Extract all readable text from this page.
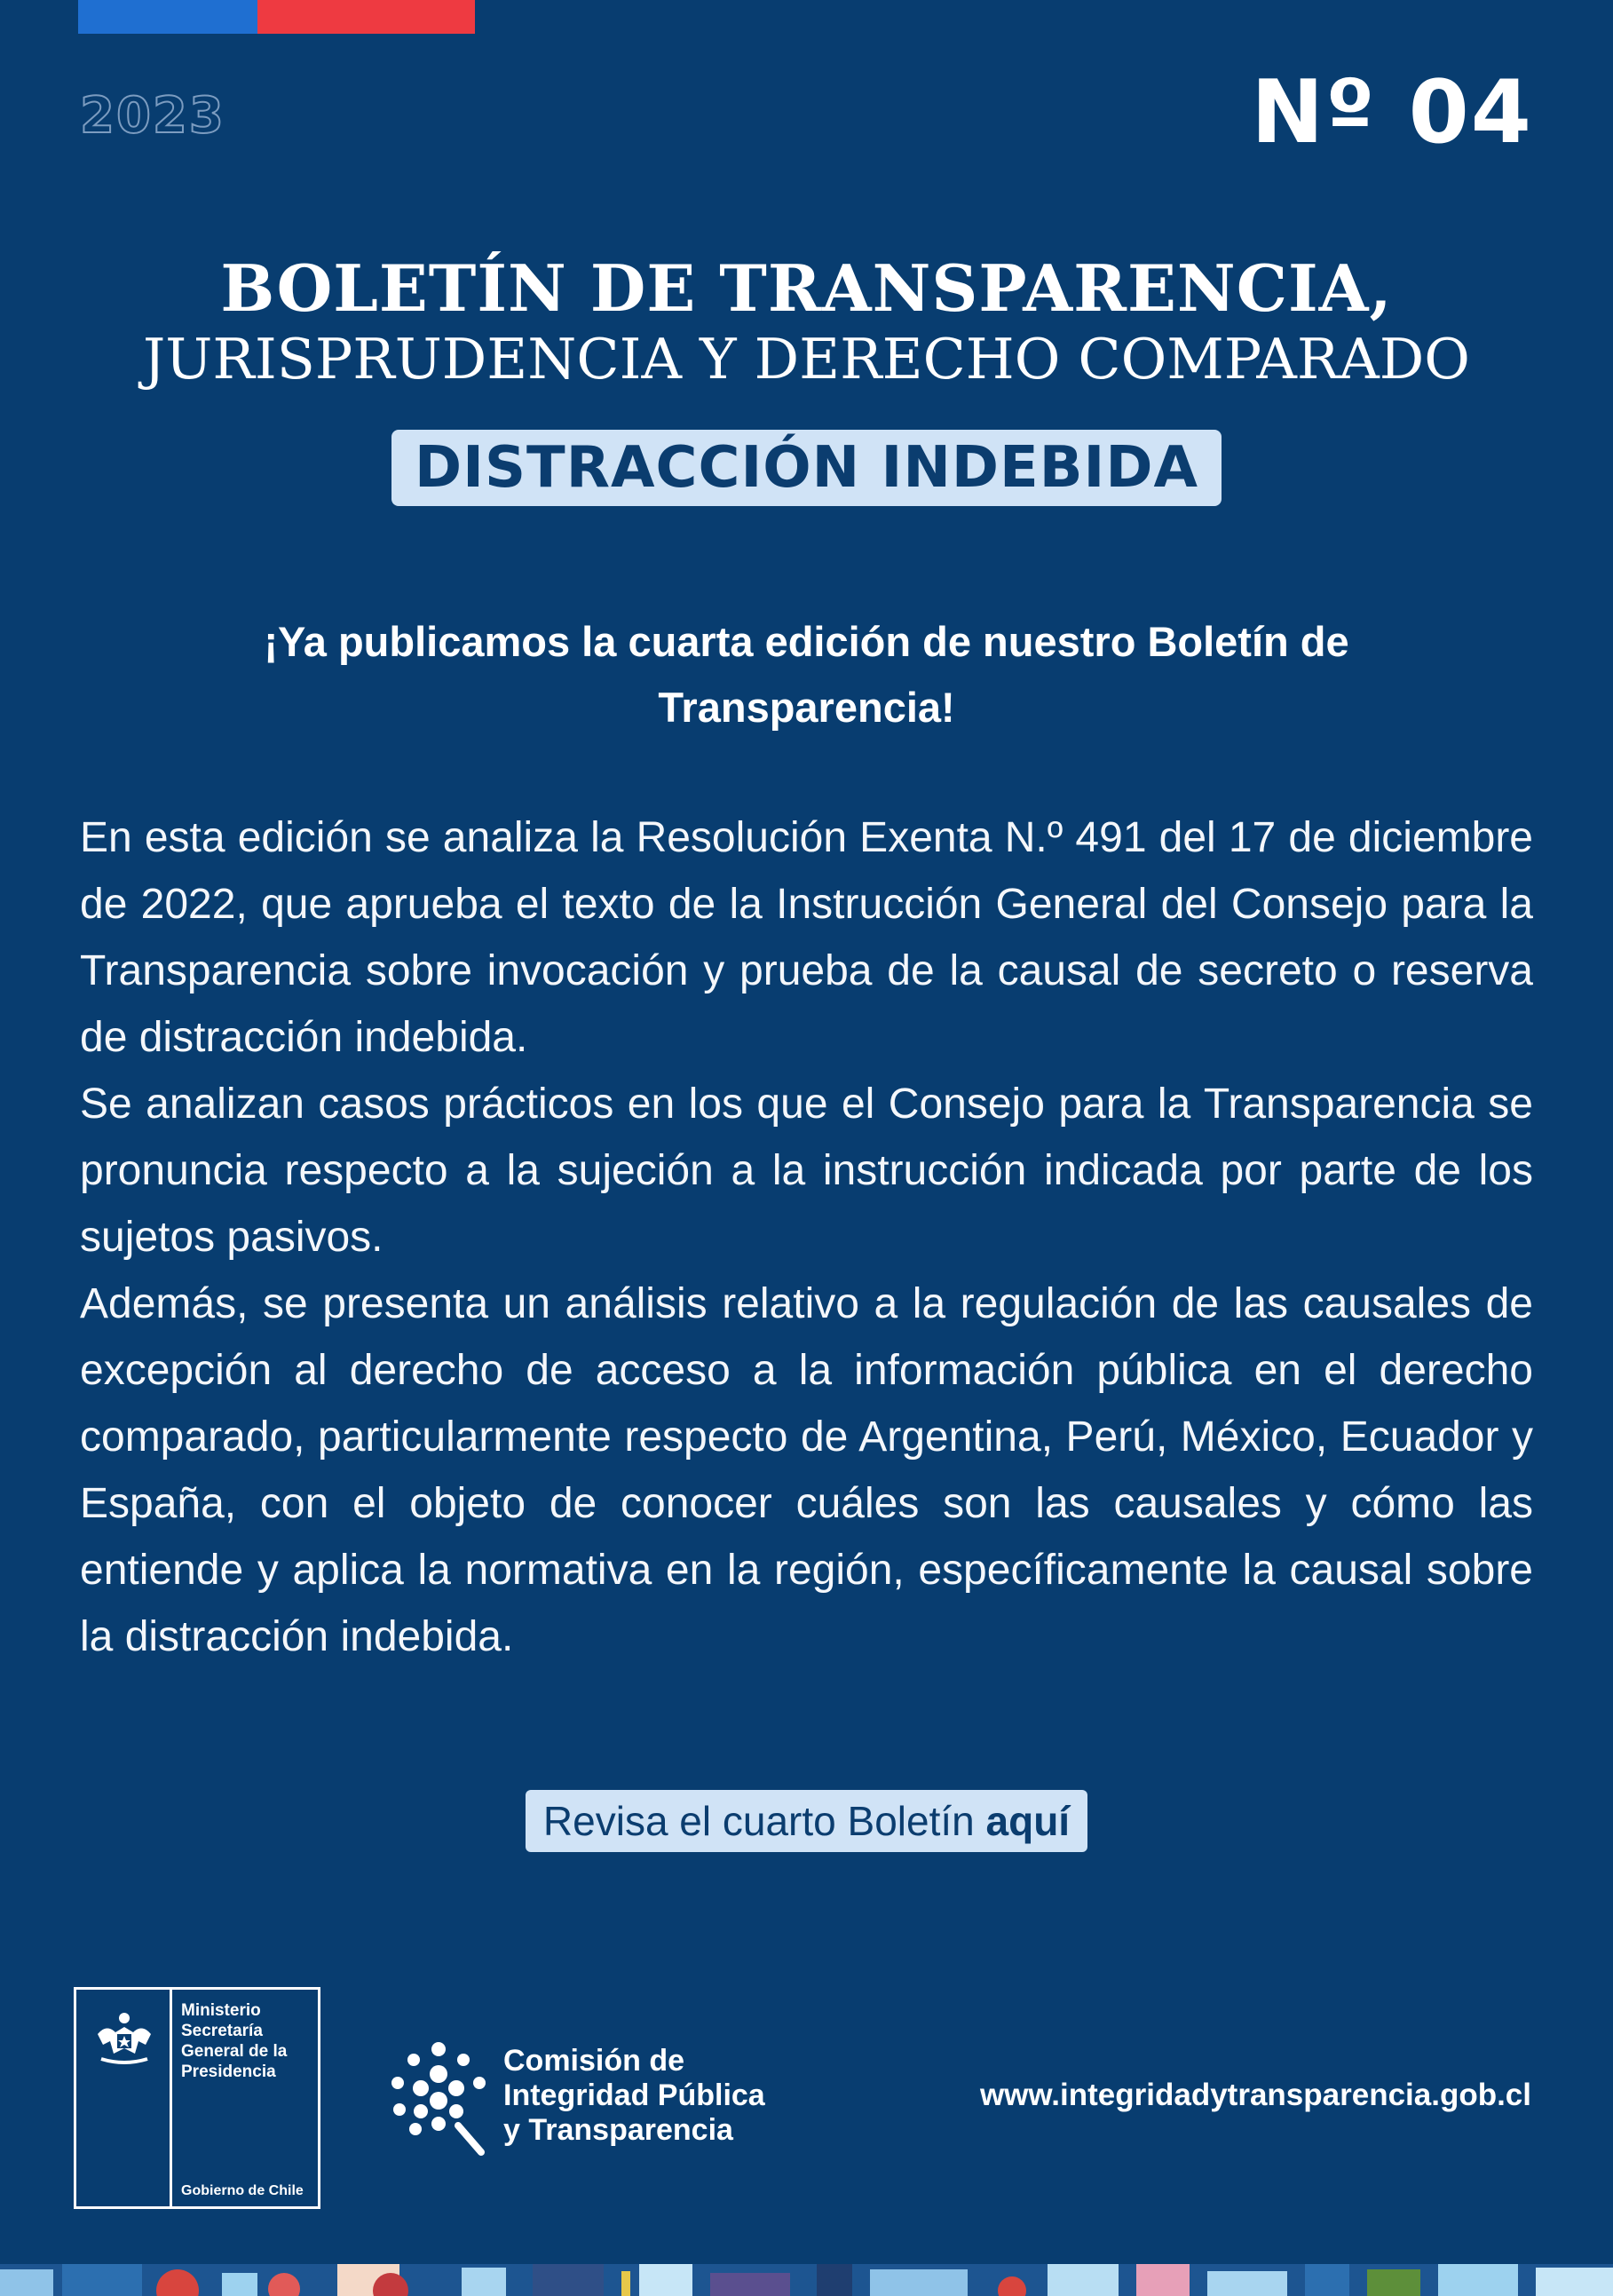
2023	Nº 04
BOLETÍN DE TRANSPARENCIA,
JURISPRUDENCIA Y DERECHO COMPARADO
DISTRACCIÓN INDEBIDA
¡Ya publicamos la cuarta edición de nuestro Boletín de Transparencia!

En esta edición se analiza la Resolución Exenta N.º 491 del 17 de diciembre de 2022, que aprueba el texto de la Instrucción General del Consejo para la Transparencia sobre invocación y prueba de la causal de secreto o reserva de distracción indebida.

Se analizan casos prácticos en los que el Consejo para la Transparencia se pronuncia respecto a la sujeción a la instrucción indicada por parte de los sujetos pasivos.

Además, se presenta un análisis relativo a la regulación de las causales de excepción al derecho de acceso a la información pública en el derecho comparado, particularmente respecto de Argentina, Perú, México, Ecuador y España, con el objeto de conocer cuáles son las causales y cómo las entiende y aplica la normativa en la región, específicamente la causal sobre la distracción indebida.

Revisa el cuarto Boletín aquí
Ministerio
Secretaría
General de la
Presidencia
Gobierno de Chile
Comisión de
Integridad Pública
y Transparencia
www.integridadytransparencia.gob.cl
